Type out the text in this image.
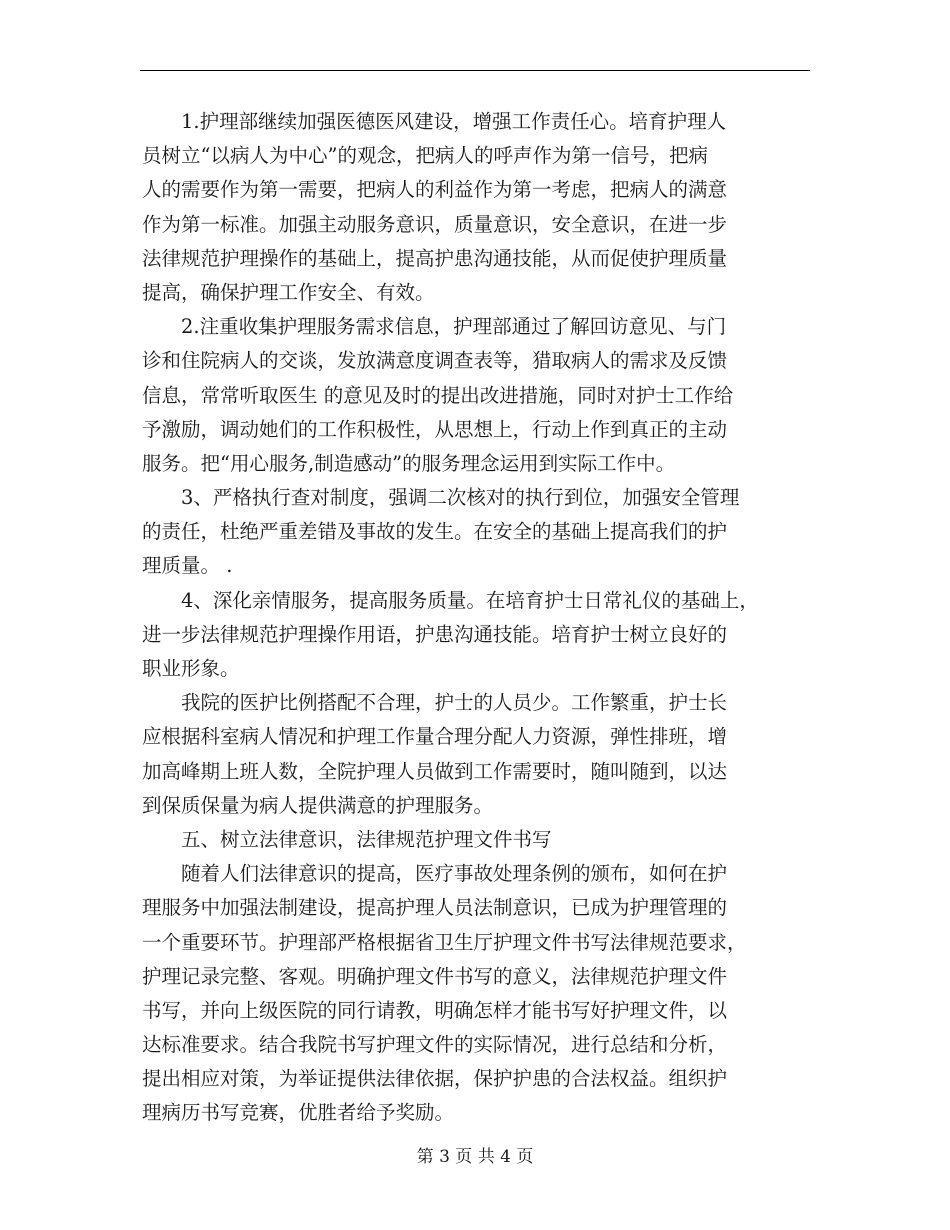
　　1.护理部继续加强医德医风建设，增强工作责任心。培育护理人
员树立“以病人为中心”的观念，把病人的呼声作为第一信号，把病
人的需要作为第一需要，把病人的利益作为第一考虑，把病人的满意
作为第一标准。加强主动服务意识，质量意识，安全意识，在进一步
法律规范护理操作的基础上，提高护患沟通技能，从而促使护理质量
提高，确保护理工作安全、有效。
　　2.注重收集护理服务需求信息，护理部通过了解回访意见、与门
诊和住院病人的交谈，发放满意度调查表等，猎取病人的需求及反馈
信息，常常听取医生 的意见及时的提出改进措施，同时对护士工作给
予激励，调动她们的工作积极性，从思想上，行动上作到真正的主动
服务。把“用心服务,制造感动”的服务理念运用到实际工作中。
　　3、严格执行查对制度，强调二次核对的执行到位，加强安全管理
的责任，杜绝严重差错及事故的发生。在安全的基础上提高我们的护
理质量。 .
　　4、深化亲情服务，提高服务质量。在培育护士日常礼仪的基础上，
进一步法律规范护理操作用语，护患沟通技能。培育护士树立良好的
职业形象。
　　我院的医护比例搭配不合理，护士的人员少。工作繁重，护士长
应根据科室病人情况和护理工作量合理分配人力资源，弹性排班，增
加高峰期上班人数，全院护理人员做到工作需要时，随叫随到，以达
到保质保量为病人提供满意的护理服务。
　　五、树立法律意识，法律规范护理文件书写
　　随着人们法律意识的提高，医疗事故处理条例的颁布，如何在护
理服务中加强法制建设，提高护理人员法制意识，已成为护理管理的
一个重要环节。护理部严格根据省卫生厅护理文件书写法律规范要求，
护理记录完整、客观。明确护理文件书写的意义，法律规范护理文件
书写，并向上级医院的同行请教，明确怎样才能书写好护理文件，以
达标准要求。结合我院书写护理文件的实际情况，进行总结和分析，
提出相应对策，为举证提供法律依据，保护护患的合法权益。组织护
理病历书写竞赛，优胜者给予奖励。
第 3 页 共 4 页
